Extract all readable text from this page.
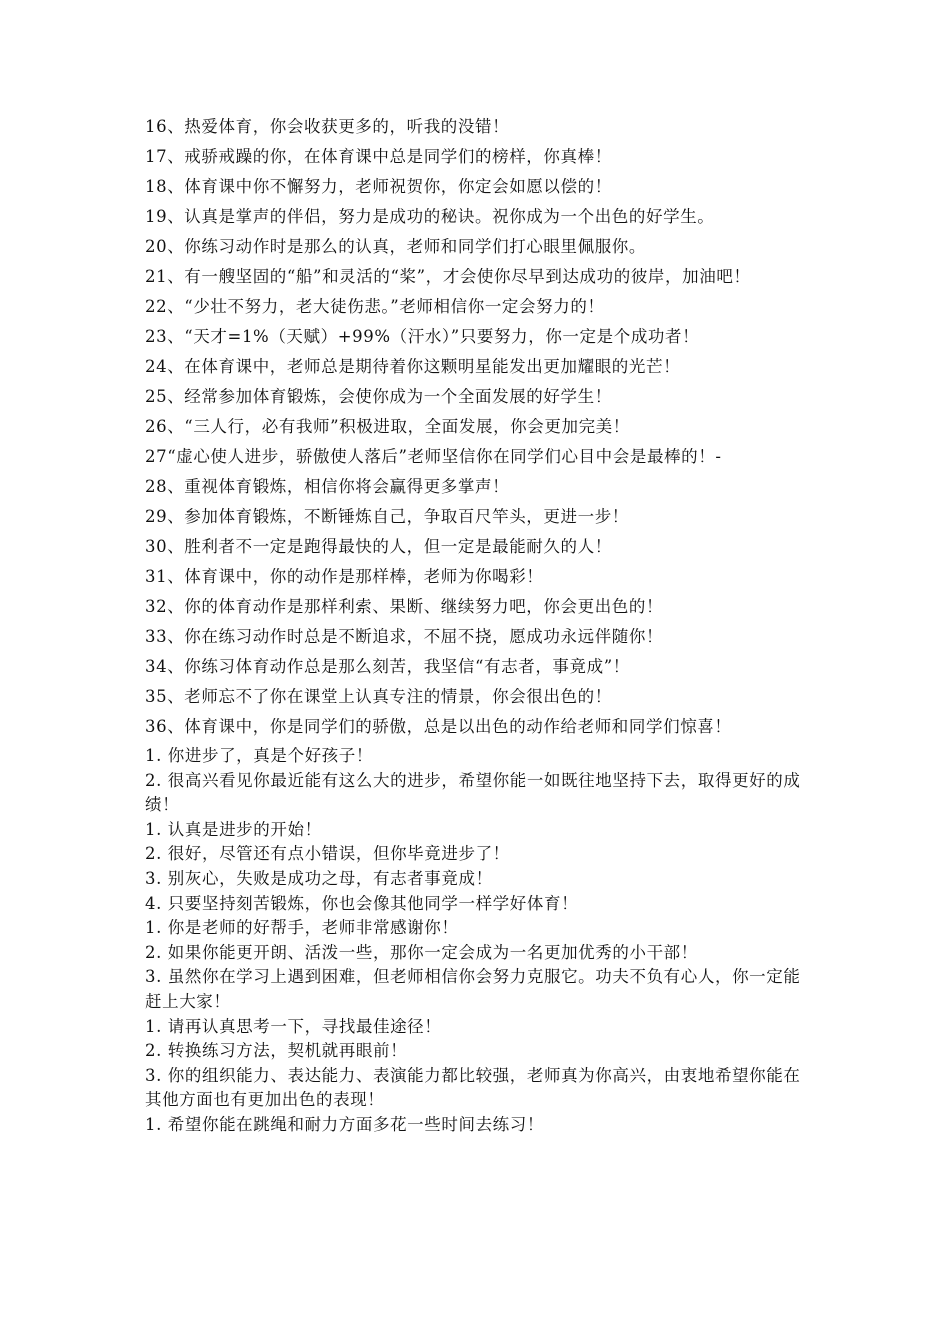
16、热爱体育，你会收获更多的，听我的没错！

17、戒骄戒躁的你，在体育课中总是同学们的榜样，你真棒！

18、体育课中你不懈努力，老师祝贺你，你定会如愿以偿的！

19、认真是掌声的伴侣，努力是成功的秘诀。祝你成为一个出色的好学生。

20、你练习动作时是那么的认真，老师和同学们打心眼里佩服你。

21、有一艘坚固的“船”和灵活的“桨”，才会使你尽早到达成功的彼岸，加油吧！

22、“少壮不努力，老大徒伤悲。”老师相信你一定会努力的！

23、“天才=1%（天赋）+99%（汗水）”只要努力，你一定是个成功者！

24、在体育课中，老师总是期待着你这颗明星能发出更加耀眼的光芒！

25、经常参加体育锻炼，会使你成为一个全面发展的好学生！

26、“三人行，必有我师”积极进取，全面发展，你会更加完美！

27“虚心使人进步，骄傲使人落后”老师坚信你在同学们心目中会是最棒的！-

28、重视体育锻炼，相信你将会赢得更多掌声！

29、参加体育锻炼，不断锤炼自己，争取百尺竿头，更进一步！

30、胜利者不一定是跑得最快的人，但一定是最能耐久的人！

31、体育课中，你的动作是那样棒，老师为你喝彩！

32、你的体育动作是那样利索、果断、继续努力吧，你会更出色的！

33、你在练习动作时总是不断追求，不屈不挠，愿成功永远伴随你！

34、你练习体育动作总是那么刻苦，我坚信“有志者，事竟成”！

35、老师忘不了你在课堂上认真专注的情景，你会很出色的！

36、体育课中，你是同学们的骄傲，总是以出色的动作给老师和同学们惊喜！

1. 你进步了，真是个好孩子！

2. 很高兴看见你最近能有这么大的进步，希望你能一如既往地坚持下去，取得更好的成绩！

1. 认真是进步的开始！

2. 很好，尽管还有点小错误，但你毕竟进步了！

3. 别灰心，失败是成功之母，有志者事竟成！

4. 只要坚持刻苦锻炼，你也会像其他同学一样学好体育！

1. 你是老师的好帮手，老师非常感谢你！

2. 如果你能更开朗、活泼一些，那你一定会成为一名更加优秀的小干部！

3. 虽然你在学习上遇到困难，但老师相信你会努力克服它。功夫不负有心人，你一定能赶上大家！

1. 请再认真思考一下，寻找最佳途径！

2. 转换练习方法，契机就再眼前！

3. 你的组织能力、表达能力、表演能力都比较强，老师真为你高兴，由衷地希望你能在其他方面也有更加出色的表现！

1. 希望你能在跳绳和耐力方面多花一些时间去练习！
